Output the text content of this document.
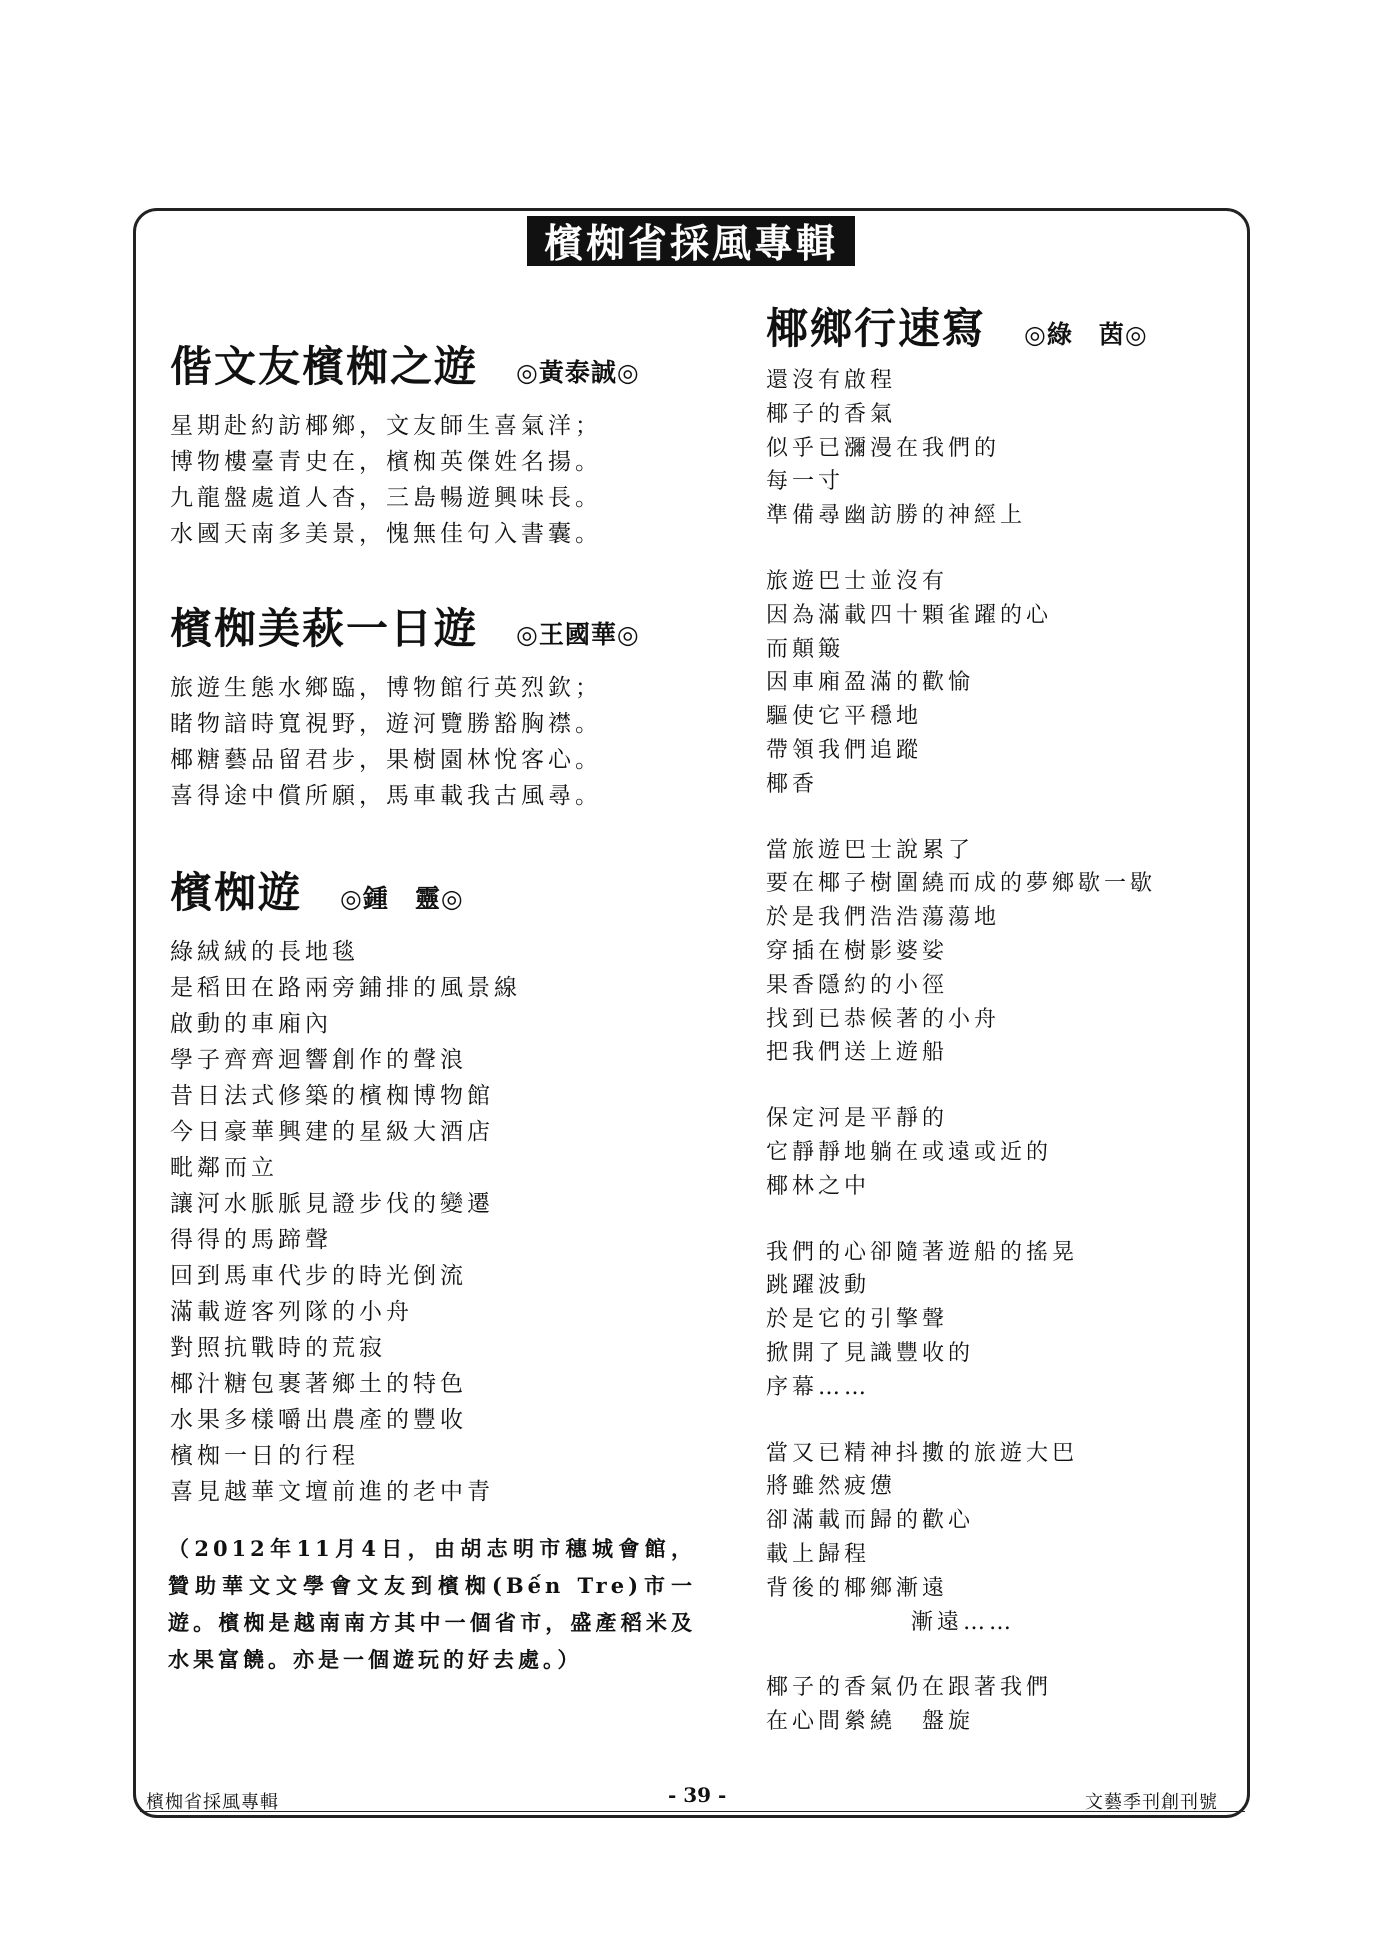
檳椥省採風專輯
偕文友檳椥之遊 ◎黃泰誠◎
星期赴約訪椰鄉，文友師生喜氣洋；
博物樓臺青史在，檳椥英傑姓名揚。
九龍盤處道人杳，三島暢遊興味長。
水國天南多美景，愧無佳句入書囊。
檳椥美萩一日遊 ◎王國華◎
旅遊生態水鄉臨，博物館行英烈欽；
睹物諳時寬視野，遊河覽勝豁胸襟。
椰糖藝品留君步，果樹園林悅客心。
喜得途中償所願，馬車載我古風尋。
檳椥遊 ◎鍾　靈◎
綠絨絨的長地毯
是稻田在路兩旁鋪排的風景線
啟動的車廂內
學子齊齊迴響創作的聲浪
昔日法式修築的檳椥博物館
今日豪華興建的星級大酒店
毗鄰而立
讓河水脈脈見證步伐的變遷
得得的馬蹄聲
回到馬車代步的時光倒流
滿載遊客列隊的小舟
對照抗戰時的荒寂
椰汁糖包裹著鄉土的特色
水果多樣嚼出農產的豐收
檳椥一日的行程
喜見越華文壇前進的老中青

（2012年11月4日，由胡志明市穗城會館，贊助華文文學會文友到檳椥(Bến Tre)市一遊。檳椥是越南南方其中一個省市，盛產稻米及水果富饒。亦是一個遊玩的好去處。）

椰鄉行速寫 ◎綠　茵◎
還沒有啟程
椰子的香氣
似乎已瀰漫在我們的
每一寸
準備尋幽訪勝的神經上
旅遊巴士並沒有
因為滿載四十顆雀躍的心
而顛簸
因車廂盈滿的歡愉
驅使它平穩地
帶領我們追蹤
椰香
當旅遊巴士說累了
要在椰子樹圍繞而成的夢鄉歇一歇
於是我們浩浩蕩蕩地
穿插在樹影婆娑
果香隱約的小徑
找到已恭候著的小舟
把我們送上遊船
保定河是平靜的
它靜靜地躺在或遠或近的
椰林之中
我們的心卻隨著遊船的搖晃
跳躍波動
於是它的引擎聲
掀開了見識豐收的
序幕……
當又已精神抖擻的旅遊大巴
將雖然疲憊
卻滿載而歸的歡心
載上歸程
背後的椰鄉漸遠
漸遠……
椰子的香氣仍在跟著我們
在心間縈繞　盤旋
檳椥省採風專輯	- 39 -	文藝季刊創刊號
